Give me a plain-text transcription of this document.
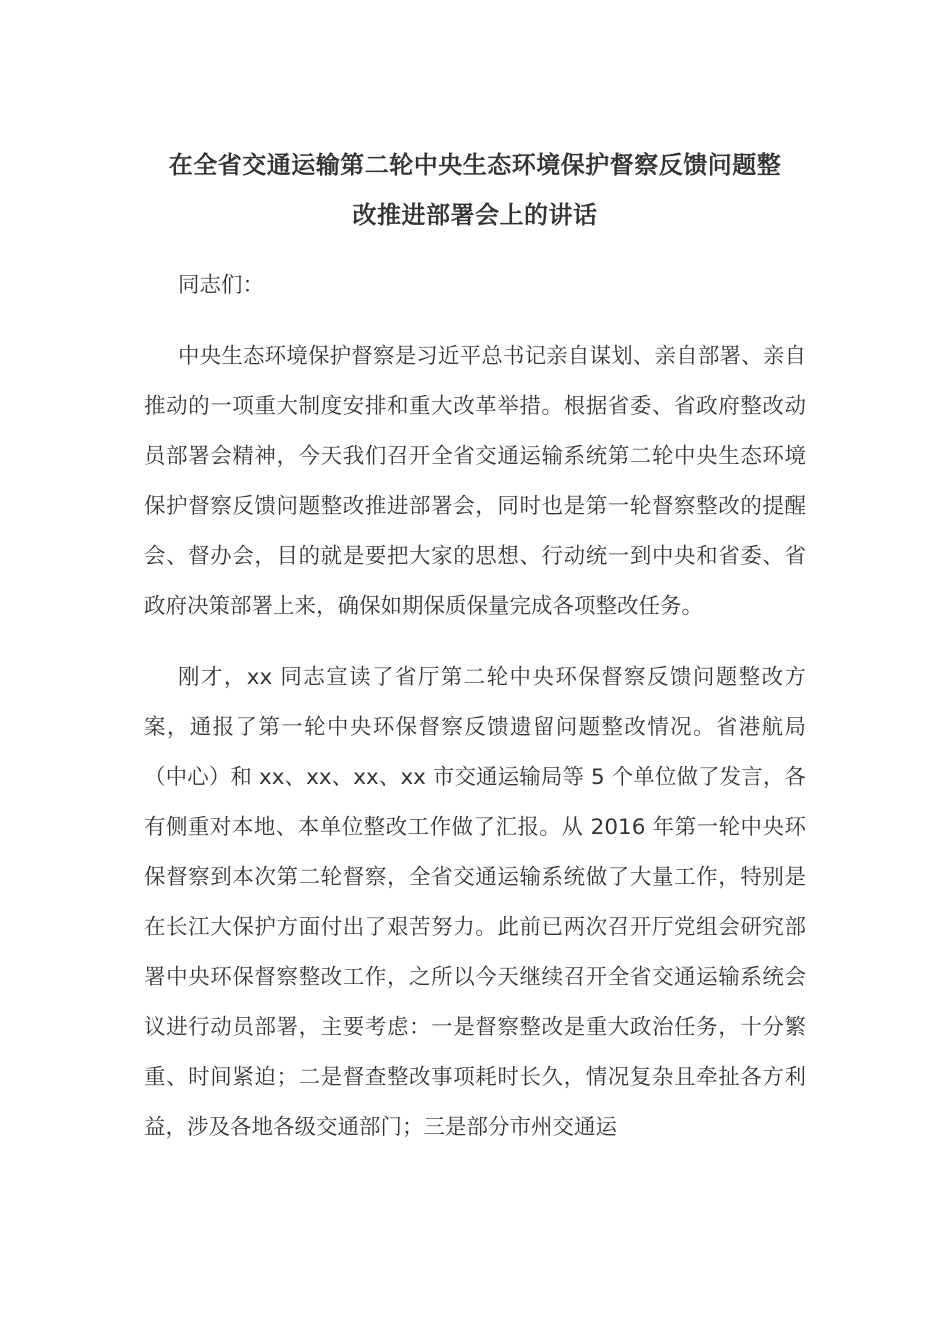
在全省交通运输第二轮中央生态环境保护督察反馈问题整
改推进部署会上的讲话

同志们：

中央生态环境保护督察是习近平总书记亲自谋划、亲自部署、亲自推动的一项重大制度安排和重大改革举措。根据省委、省政府整改动员部署会精神，今天我们召开全省交通运输系统第二轮中央生态环境保护督察反馈问题整改推进部署会，同时也是第一轮督察整改的提醒会、督办会，目的就是要把大家的思想、行动统一到中央和省委、省政府决策部署上来，确保如期保质保量完成各项整改任务。

刚才，xx 同志宣读了省厅第二轮中央环保督察反馈问题整改方案，通报了第一轮中央环保督察反馈遗留问题整改情况。省港航局（中心）和 xx、xx、xx、xx 市交通运输局等 5 个单位做了发言，各有侧重对本地、本单位整改工作做了汇报。从 2016 年第一轮中央环保督察到本次第二轮督察，全省交通运输系统做了大量工作，特别是在长江大保护方面付出了艰苦努力。此前已两次召开厅党组会研究部署中央环保督察整改工作，之所以今天继续召开全省交通运输系统会议进行动员部署，主要考虑：一是督察整改是重大政治任务，十分繁重、时间紧迫；二是督查整改事项耗时长久，情况复杂且牵扯各方利益，涉及各地各级交通部门；三是部分市州交通运
